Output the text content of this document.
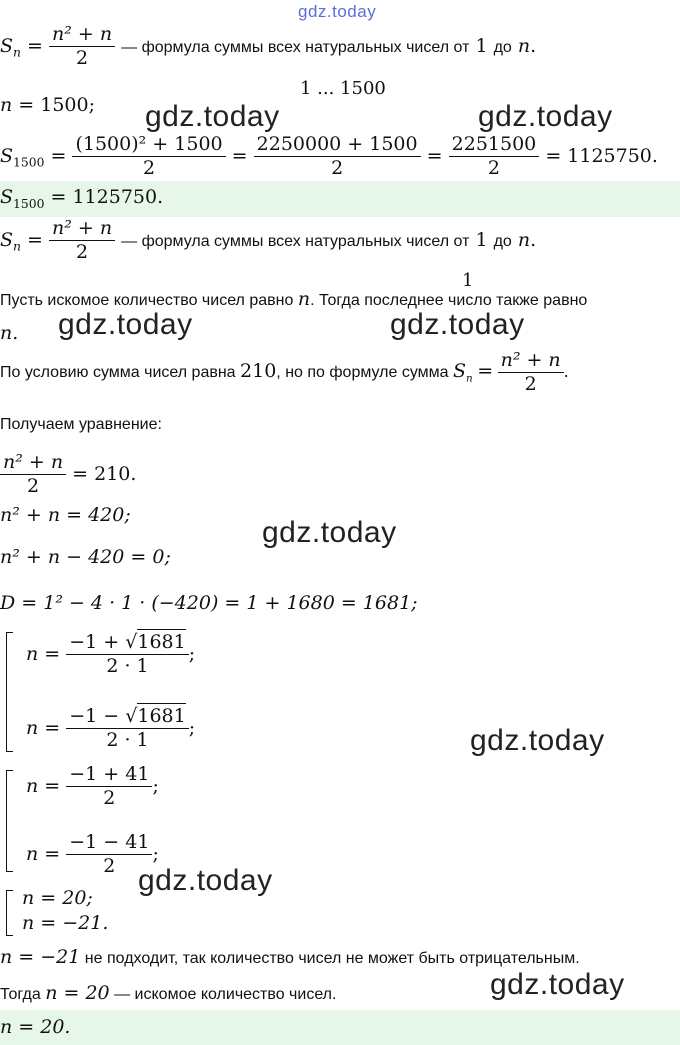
gdz.today
$S_n = \frac{\text{n² + n}}{2}$ — формула суммы всех натуральных чисел от 1 до n.
1 ... 1500
n = 1500; gdz.today	gdz.today
$S_{1500} = \frac{\text{(1500)² + 1500}}{2} = \frac{2250000 + 1500}{2} = \frac{2251500}{2} = 1125750$.
$S_{1500} = 1125750$.
$S_n = \frac{\text{n² + n}}{2}$ — формула суммы всех натуральных чисел от 1 до n.
1
Пусть искомое количество чисел равно n. Тогда последнее число также равно
n. gdz.today	gdz.today
По условию сумма чисел равна 210, но по формуле сумма $S_n = \frac{\text{n² + n}}{2}$ .
Получаем уравнение:
$\frac{\text{n² + n}}{2} = 210$.
n² + n = 420;
n² + n − 420 = 0;
gdz.today
D = 1² − 4 · 1 · (−420) = 1 + 1680 = 1681;
$n = \frac{-1 + √1681}{2 \cdot 1}$ ;
$n = \frac{-1 - √1681}{2 \cdot 1}$ ;	gdz.today
$n = \frac{-1 + 41}{2}$ ;
$n = \frac{-1 - 41}{2}$ ;
gdz.today
n = 20;
n = −21.
n = −21 не подходит, так количество чисел не может быть отрицательным.
Тогда n = 20 — искомое количество чисел.	gdz.today
n = 20.
